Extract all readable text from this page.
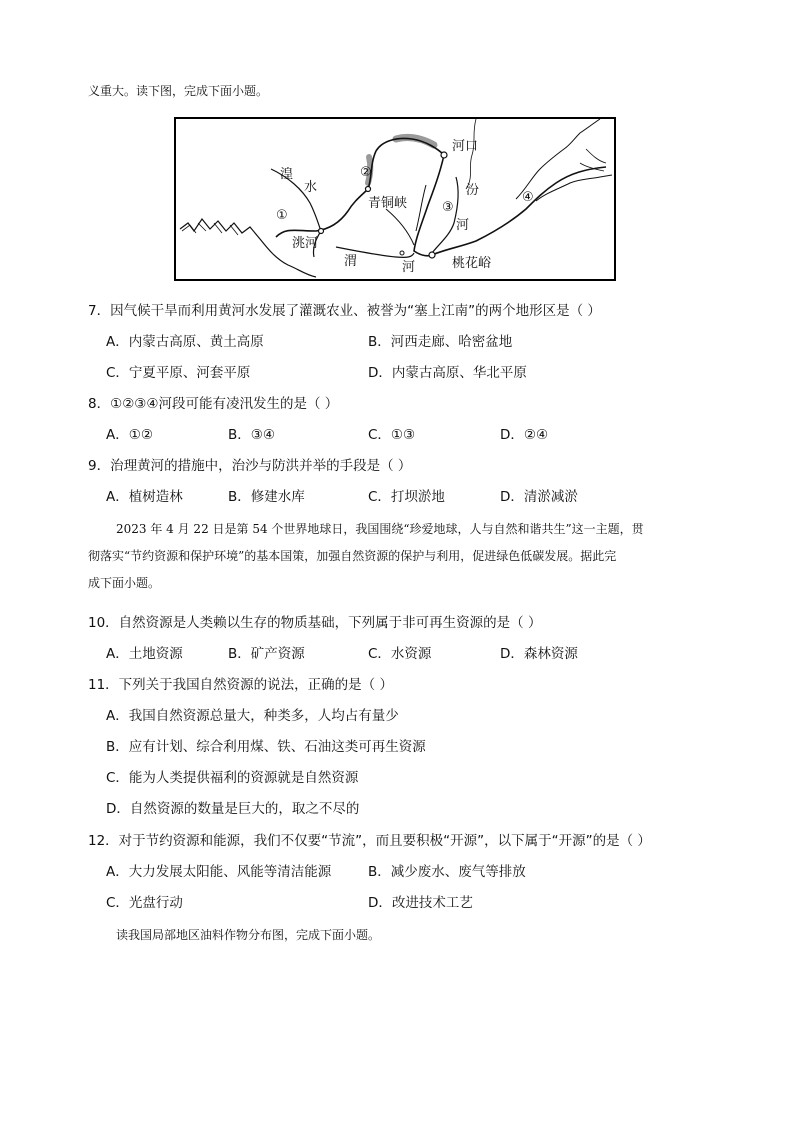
义重大。读下图，完成下面小题。
河口
湟
水
青铜峡
汾
河
洮河
渭	河	桃花峪
①
②
③
④
7．因气候干旱而利用黄河水发展了灌溉农业、被誉为“塞上江南”的两个地形区是（ ）
A．内蒙古高原、黄土高原	B．河西走廊、哈密盆地
C．宁夏平原、河套平原	D．内蒙古高原、华北平原
8．①②③④河段可能有凌汛发生的是（ ）
A．①②	B．③④	C．①③	D．②④
9．治理黄河的措施中，治沙与防洪并举的手段是（ ）
A．植树造林	B．修建水库	C．打坝淤地	D．清淤减淤
2023 年 4 月 22 日是第 54 个世界地球日，我国围绕“珍爱地球，人与自然和谐共生”这一主题，贯
彻落实“节约资源和保护环境”的基本国策，加强自然资源的保护与利用，促进绿色低碳发展。据此完
成下面小题。
10．自然资源是人类赖以生存的物质基础，下列属于非可再生资源的是（ ）
A．土地资源	B．矿产资源	C．水资源	D．森林资源
11．下列关于我国自然资源的说法，正确的是（ ）
A．我国自然资源总量大，种类多，人均占有量少
B．应有计划、综合利用煤、铁、石油这类可再生资源
C．能为人类提供福利的资源就是自然资源
D．自然资源的数量是巨大的，取之不尽的
12．对于节约资源和能源，我们不仅要“节流”，而且要积极“开源”，以下属于“开源”的是（ ）
A．大力发展太阳能、风能等清洁能源	B．减少废水、废气等排放
C．光盘行动	D．改进技术工艺
读我国局部地区油料作物分布图，完成下面小题。
